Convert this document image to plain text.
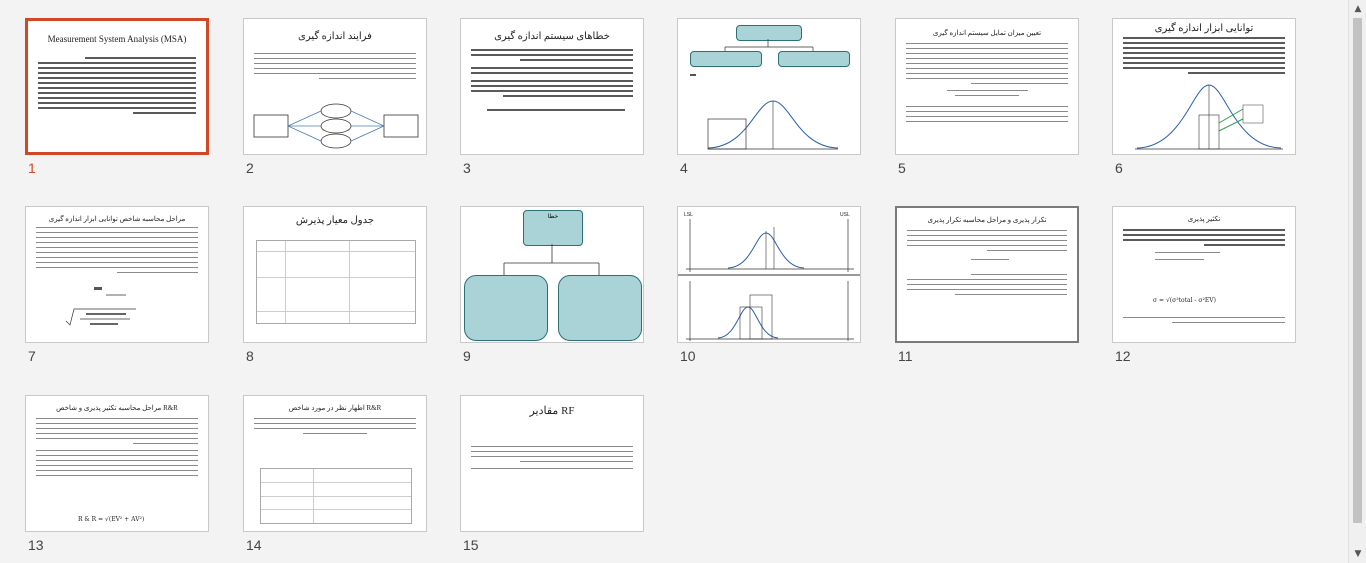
Measurement System Analysis (MSA)
1
فرایند اندازه گیری
2
خطاهای سیستم اندازه گیری
3	4
تعیین میزان تمایل سیستم اندازه گیری
5
توانایی ابزار اندازه گیری
6
مراحل محاسبه شاخص توانایی ابزار اندازه گیری
7
جدول معیار پذیرش
8
خطا
9
LSL	USL
10
تکرار پذیری و مراحل محاسبه تکرار پذیری
11
تکثیر پذیری
σ = √(σ²total - σ²EV)
12
مراحل محاسبه تکثیر پذیری و شاخص R&R
R & R = √(EV² + AV²)
13
اظهار نظر در مورد شاخص R&R
14
مقادیر RF
15
▲
▼
